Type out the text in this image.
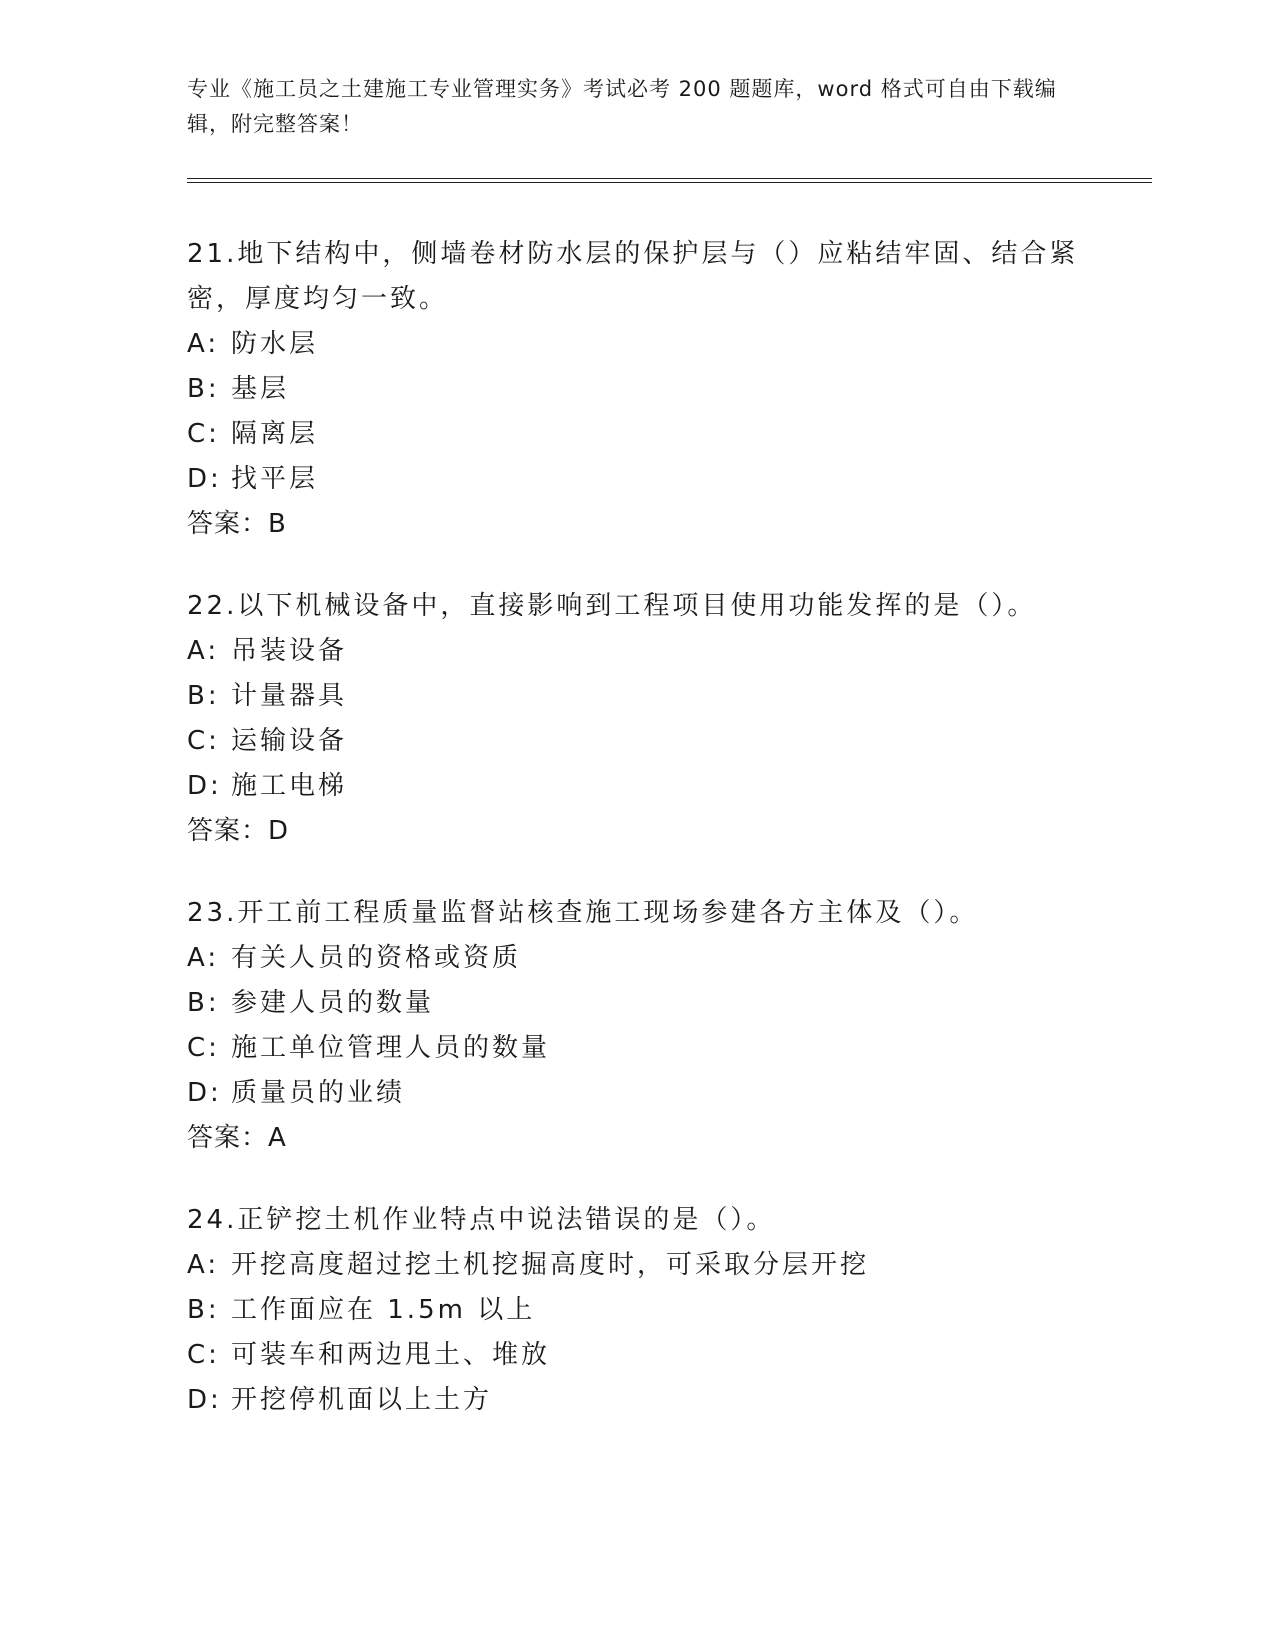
专业《施工员之土建施工专业管理实务》考试必考 200 题题库，word 格式可自由下载编辑，附完整答案！

21.地下结构中，侧墙卷材防水层的保护层与（）应粘结牢固、结合紧密，厚度均匀一致。

A: 防水层
B: 基层
C: 隔离层
D: 找平层
答案：B

22.以下机械设备中，直接影响到工程项目使用功能发挥的是（）。

A: 吊装设备
B: 计量器具
C: 运输设备
D: 施工电梯
答案：D

23.开工前工程质量监督站核查施工现场参建各方主体及（）。

A: 有关人员的资格或资质
B: 参建人员的数量
C: 施工单位管理人员的数量
D: 质量员的业绩
答案：A

24.正铲挖土机作业特点中说法错误的是（）。

A: 开挖高度超过挖土机挖掘高度时，可采取分层开挖
B: 工作面应在 1.5m 以上
C: 可装车和两边甩土、堆放
D: 开挖停机面以上土方
